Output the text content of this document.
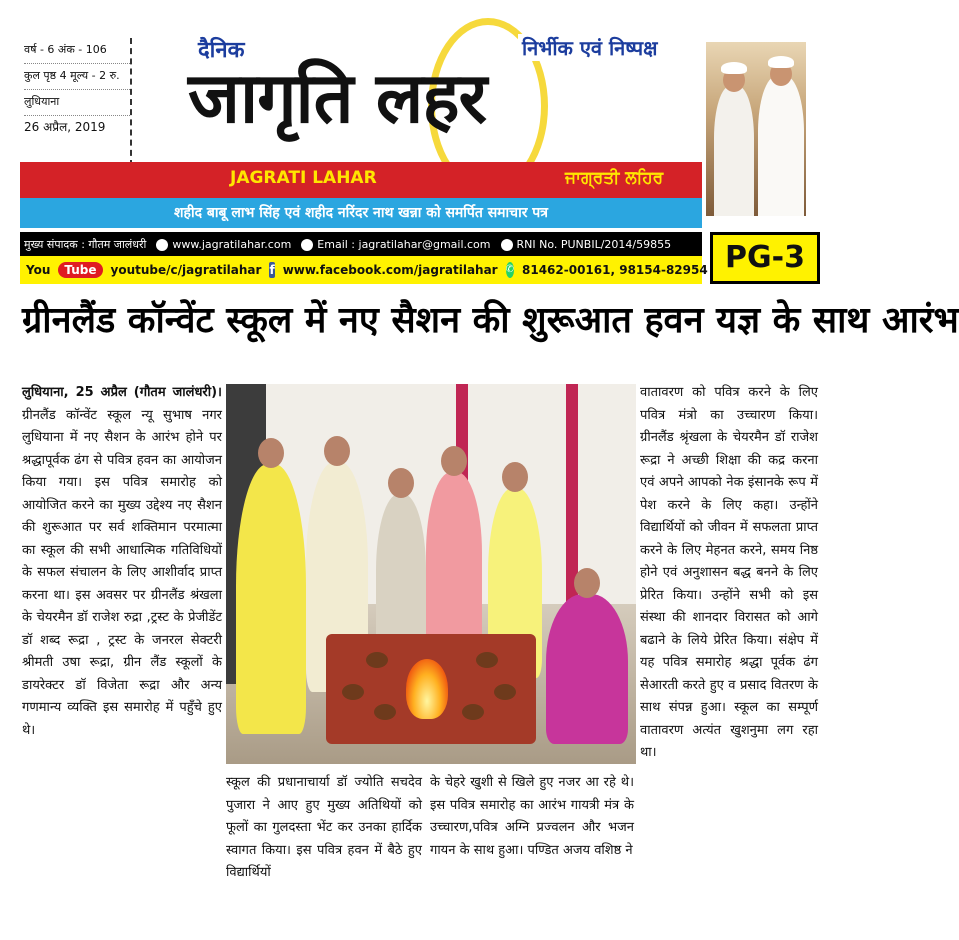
वर्ष - 6 अंक - 106
कुल पृष्ठ 4 मूल्य - 2 रु.
लुधियाना
26 अप्रैल, 2019
दैनिक
जागृति लहर
निर्भीक एवं निष्पक्ष
JAGRATI LAHAR	ਜਾਗ੍ਰਤੀ ਲਹਿਰ
शहीद बाबू लाभ सिंह एवं शहीद नरिंदर नाथ खन्ना को समर्पित समाचार पत्र
मुख्य संपादक : गौतम जालंधरी	www.jagratilahar.com	Email : jagratilahar@gmail.com	RNI No. PUNBIL/2014/59855
You	Tube	youtube/c/jagratilahar f www.facebook.com/jagratilahar ✆ 81462-00161, 98154-82954 PG-3
ग्रीनलैंड कॉन्वेंट स्कूल में नए सैशन की शुरूआत हवन यज्ञ के साथ आरंभ
लुधियाना, 25 अप्रैल (गौतम जालंधरी)। ग्रीनलैंड कॉन्वेंट स्कूल न्यू सुभाष नगर लुधियाना में नए सैशन के आरंभ होने पर श्रद्धापूर्वक ढंग से पवित्र हवन का आयोजन किया गया। इस पवित्र समारोह को आयोजित करने का मुख्य उद्देश्य नए सैशन की शुरूआत पर सर्व शक्तिमान परमात्मा का स्कूल की सभी आधात्मिक गतिविधियों के सफल संचालन के लिए आशीर्वाद प्राप्त करना था। इस अवसर पर ग्रीनलैंड श्रंखला के चेयरमैन डॉ राजेश रुद्रा ,ट्रस्ट के प्रेजीडेंट डॉ शब्द रूद्रा , ट्रस्ट के जनरल सेक्टरी श्रीमती उषा रूद्रा, ग्रीन लैंड स्कूलों के डायरेक्टर डॉ विजेता रूद्रा और अन्य गणमान्य व्यक्ति इस समारोह में पहुँचे हुए थे।
स्कूल की प्रधानाचार्या डॉ ज्योति सचदेव पुजारा ने आए हुए मुख्य अतिथियों को फूलों का गुलदस्ता भेंट कर उनका हार्दिक स्वागत किया। इस पवित्र हवन में बैठे हुए विद्यार्थियों
के चेहरे खुशी से खिले हुए नजर आ रहे थे। इस पवित्र समारोह का आरंभ गायत्री मंत्र के उच्चारण,पवित्र अग्नि प्रज्वलन और भजन गायन के साथ हुआ। पण्डित अजय वशिष्ठ ने
वातावरण को पवित्र करने के लिए पवित्र मंत्रो का उच्चारण किया। ग्रीनलैंड श्रृंखला के चेयरमैन डॉ राजेश रूद्रा ने अच्छी शिक्षा की कद्र करना एवं अपने आपको नेक इंसानके रूप में पेश करने के लिए कहा। उन्होंने विद्यार्थियों को जीवन में सफलता प्राप्त करने के लिए मेहनत करने, समय निष्ठ होने एवं अनुशासन बद्ध बनने के लिए प्रेरित किया। उन्होंने सभी को इस संस्था की शानदार विरासत को आगे बढाने के लिये प्रेरित किया। संक्षेप में यह पवित्र समारोह श्रद्धा पूर्वक ढंग सेआरती करते हुए व प्रसाद वितरण के साथ संपन्न हुआ। स्कूल का सम्पूर्ण वातावरण अत्यंत खुशनुमा लग रहा था।
